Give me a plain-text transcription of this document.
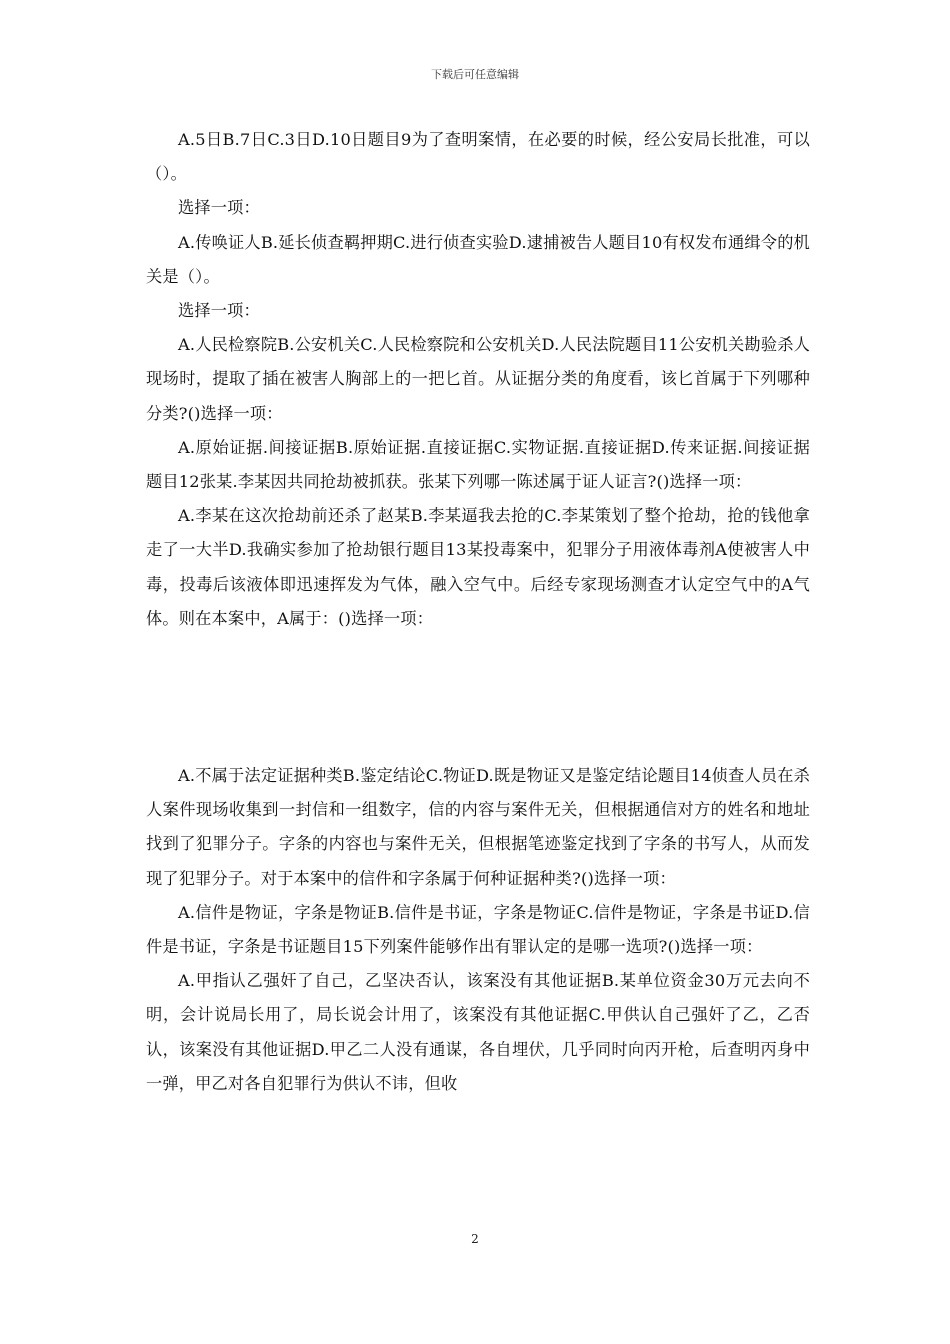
下载后可任意编辑

A.5日B.7日C.3日D.10日题目9为了查明案情，在必要的时候，经公安局长批准，可以（）。

选择一项：

A.传唤证人B.延长侦查羁押期C.进行侦查实验D.逮捕被告人题目10有权发布通缉令的机关是（）。

选择一项：

A.人民检察院B.公安机关C.人民检察院和公安机关D.人民法院题目11公安机关勘验杀人现场时，提取了插在被害人胸部上的一把匕首。从证据分类的角度看，该匕首属于下列哪种分类?()选择一项：

A.原始证据.间接证据B.原始证据.直接证据C.实物证据.直接证据D.传来证据.间接证据题目12张某.李某因共同抢劫被抓获。张某下列哪一陈述属于证人证言?()选择一项：

A.李某在这次抢劫前还杀了赵某B.李某逼我去抢的C.李某策划了整个抢劫，抢的钱他拿走了一大半D.我确实参加了抢劫银行题目13某投毒案中，犯罪分子用液体毒剂A使被害人中毒，投毒后该液体即迅速挥发为气体，融入空气中。后经专家现场测查才认定空气中的A气体。则在本案中，A属于：()选择一项：

A.不属于法定证据种类B.鉴定结论C.物证D.既是物证又是鉴定结论题目14侦查人员在杀人案件现场收集到一封信和一组数字，信的内容与案件无关，但根据通信对方的姓名和地址找到了犯罪分子。字条的内容也与案件无关，但根据笔迹鉴定找到了字条的书写人，从而发现了犯罪分子。对于本案中的信件和字条属于何种证据种类?()选择一项：

A.信件是物证，字条是物证B.信件是书证，字条是物证C.信件是物证，字条是书证D.信件是书证，字条是书证题目15下列案件能够作出有罪认定的是哪一选项?()选择一项：

A.甲指认乙强奸了自己，乙坚决否认，该案没有其他证据B.某单位资金30万元去向不明，会计说局长用了，局长说会计用了，该案没有其他证据C.甲供认自己强奸了乙，乙否认，该案没有其他证据D.甲乙二人没有通谋，各自埋伏，几乎同时向丙开枪，后查明丙身中一弹，甲乙对各自犯罪行为供认不讳，但收

2
